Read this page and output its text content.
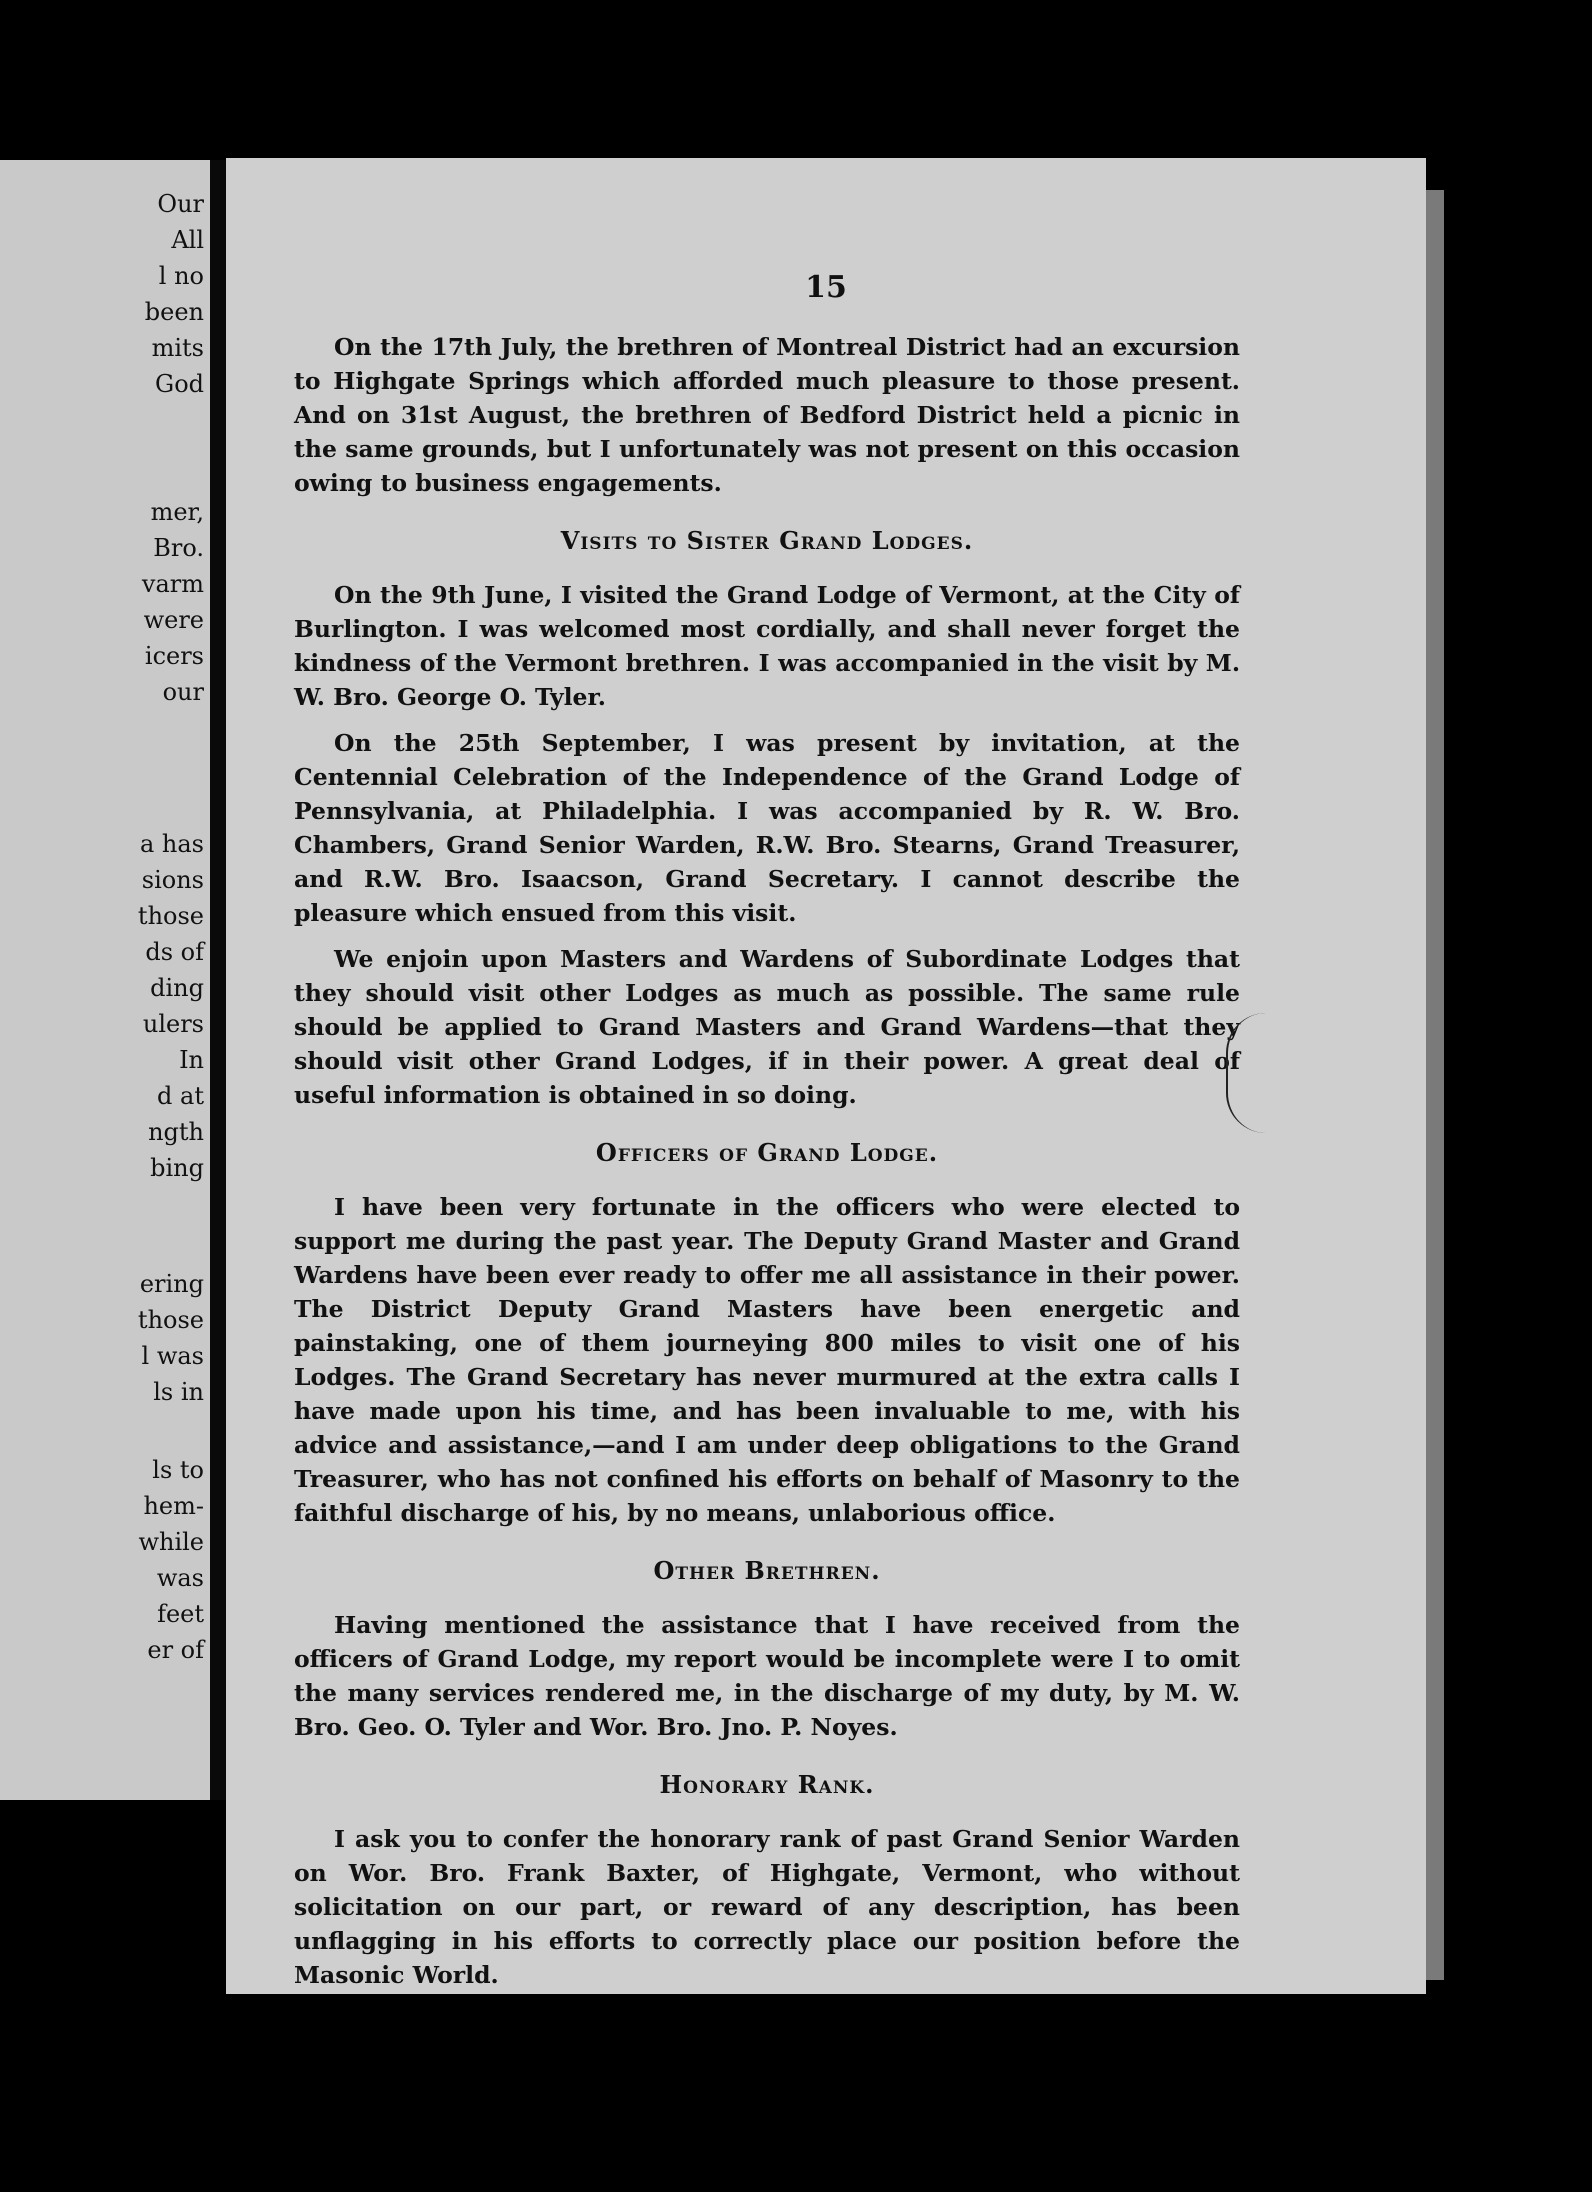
Our
All
l no
been
mits
God
mer,
Bro.
varm
were
icers
our
a has
sions
those
ds of
ding
ulers
In
d at
ngth
bing
ering
those
l was
ls in
ls to
hem-
while
was
feet
er of
15

On the 17th July, the brethren of Montreal District had an excursion to Highgate Springs which afforded much pleasure to those present. And on 31st August, the brethren of Bedford District held a picnic in the same grounds, but I unfortunately was not present on this occasion owing to business engagements.

Visits to Sister Grand Lodges.

On the 9th June, I visited the Grand Lodge of Vermont, at the City of Burlington. I was welcomed most cordially, and shall never forget the kindness of the Vermont brethren. I was accompanied in the visit by M. W. Bro. George O. Tyler.

On the 25th September, I was present by invitation, at the Centennial Celebration of the Independence of the Grand Lodge of Pennsylvania, at Philadelphia. I was accompanied by R. W. Bro. Chambers, Grand Senior Warden, R.W. Bro. Stearns, Grand Treasurer, and R.W. Bro. Isaacson, Grand Secretary. I cannot describe the pleasure which ensued from this visit.

We enjoin upon Masters and Wardens of Subordinate Lodges that they should visit other Lodges as much as possible. The same rule should be applied to Grand Masters and Grand Wardens—that they should visit other Grand Lodges, if in their power. A great deal of useful information is obtained in so doing.

Officers of Grand Lodge.

I have been very fortunate in the officers who were elected to support me during the past year. The Deputy Grand Master and Grand Wardens have been ever ready to offer me all assistance in their power. The District Deputy Grand Masters have been energetic and painstaking, one of them journeying 800 miles to visit one of his Lodges. The Grand Secretary has never murmured at the extra calls I have made upon his time, and has been invaluable to me, with his advice and assistance,—and I am under deep obligations to the Grand Treasurer, who has not confined his efforts on behalf of Masonry to the faithful discharge of his, by no means, unlaborious office.

Other Brethren.

Having mentioned the assistance that I have received from the officers of Grand Lodge, my report would be incomplete were I to omit the many services rendered me, in the discharge of my duty, by M. W. Bro. Geo. O. Tyler and Wor. Bro. Jno. P. Noyes.

Honorary Rank.

I ask you to confer the honorary rank of past Grand Senior Warden on Wor. Bro. Frank Baxter, of Highgate, Vermont, who without solicitation on our part, or reward of any description, has been unflagging in his efforts to correctly place our position before the Masonic World.
